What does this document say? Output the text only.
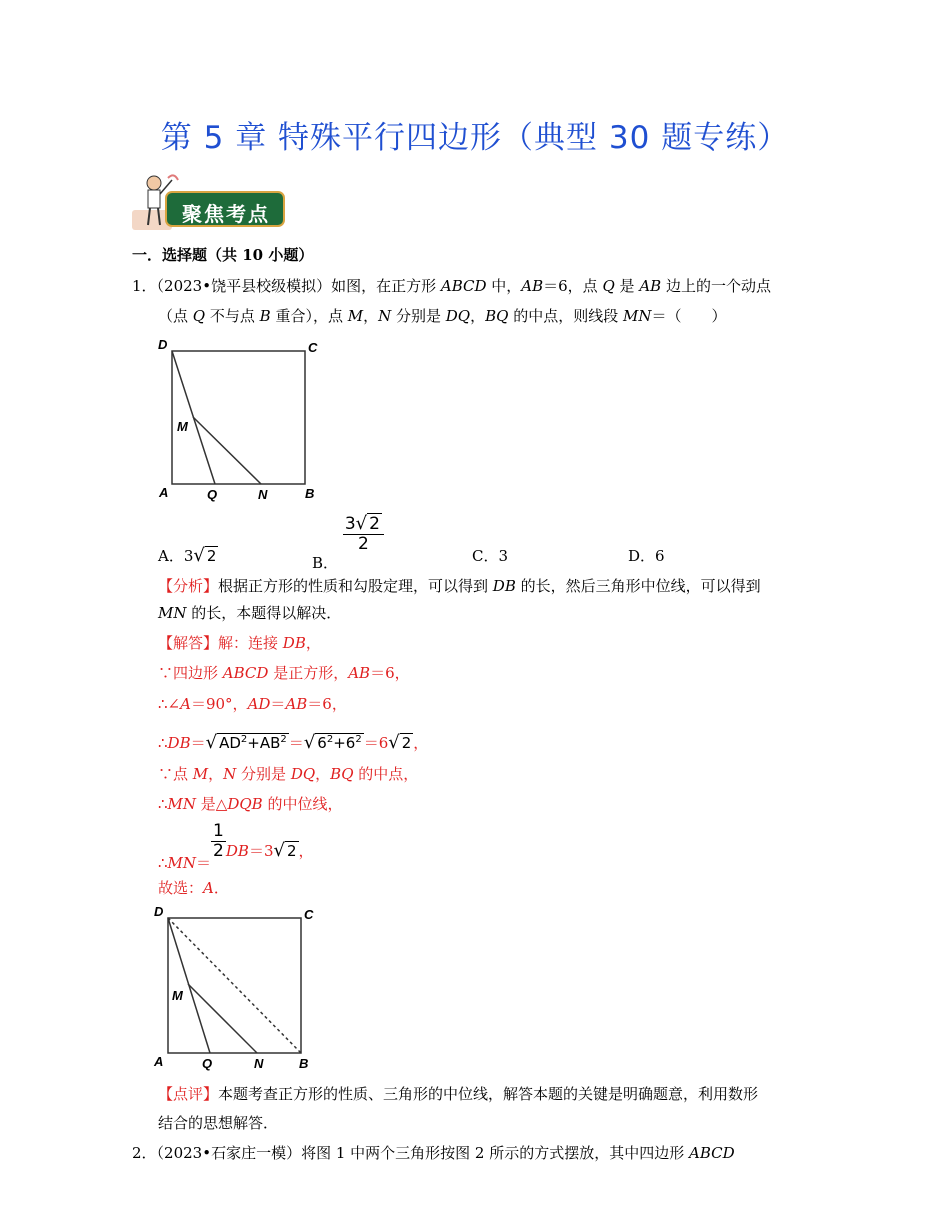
第 5 章 特殊平行四边形（典型 30 题专练）
聚焦考点
一．选择题（共 10 小题）
1．（2023•饶平县校级模拟）如图，在正方形 ABCD 中，AB＝6，点 Q 是 AB 边上的一个动点
（点 Q 不与点 B 重合），点 M，N 分别是 DQ，BQ 的中点，则线段 MN＝（　　）
D	C
M
A	Q	N	B
A．3√ 2	B．
$\frac{3√ 2}{2}$
C．3	D．6
【分析】根据正方形的性质和勾股定理，可以得到 DB 的长，然后三角形中位线，可以得到
MN 的长，本题得以解决．
【解答】解：连接 DB，
∵四边形 ABCD 是正方形，AB＝6，
∴∠A＝90°，AD＝AB＝6，
∴DB＝√ $AD^2+AB^2$ ＝√ $6^2+6^2 =6√$ 2 ，
∵点 M，N 分别是 DQ，BQ 的中点，
∴MN 是△DQB 的中位线，
∴MN＝
$\frac{1}{2} DB=3√$ 2 ，
故选：A．
D	C
M
A	Q	N	B
【点评】本题考查正方形的性质、三角形的中位线，解答本题的关键是明确题意，利用数形
结合的思想解答．
2．（2023•石家庄一模）将图 1 中两个三角形按图 2 所示的方式摆放，其中四边形 ABCD
